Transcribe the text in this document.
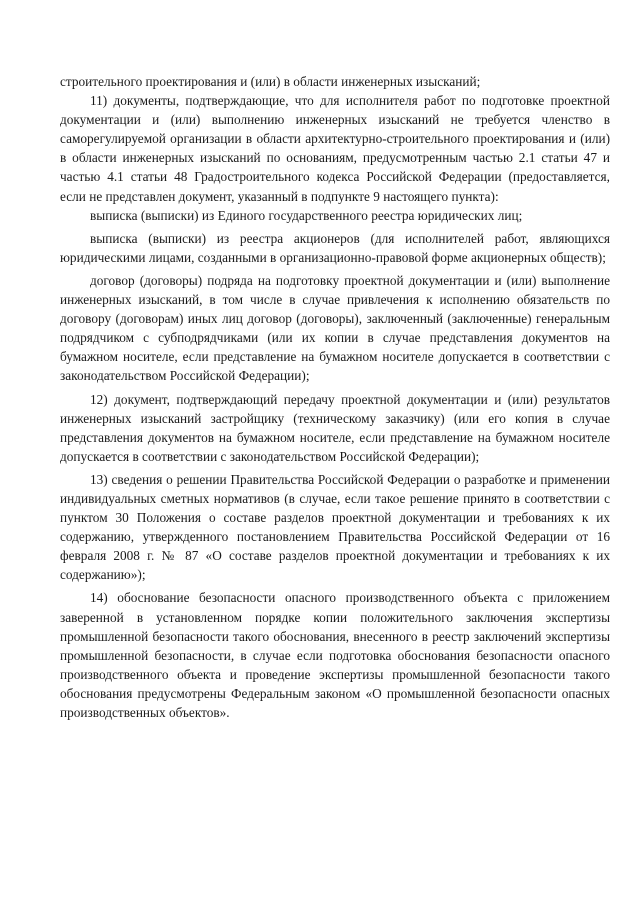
строительного проектирования и (или) в области инженерных изысканий;

11) документы, подтверждающие, что для исполнителя работ по подготовке проектной документации и (или) выполнению инженерных изысканий не требуется членство в саморегулируемой организации в области архитектурно-строительного проектирования и (или) в области инженерных изысканий по основаниям, предусмотренным частью 2.1 статьи 47 и частью 4.1 статьи 48 Градостроительного кодекса Российской Федерации (предоставляется, если не представлен документ, указанный в подпункте 9 настоящего пункта):

выписка (выписки) из Единого государственного реестра юридических лиц;

выписка (выписки) из реестра акционеров (для исполнителей работ, являющихся юридическими лицами, созданными в организационно-правовой форме акционерных обществ);

договор (договоры) подряда на подготовку проектной документации и (или) выполнение инженерных изысканий, в том числе в случае привлечения к исполнению обязательств по договору (договорам) иных лиц договор (договоры), заключенный (заключенные) генеральным подрядчиком с субподрядчиками (или их копии в случае представления документов на бумажном носителе, если представление на бумажном носителе допускается в соответствии с законодательством Российской Федерации);

12) документ, подтверждающий передачу проектной документации и (или) результатов инженерных изысканий застройщику (техническому заказчику) (или его копия в случае представления документов на бумажном носителе, если представление на бумажном носителе допускается в соответствии с законодательством Российской Федерации);

13) сведения о решении Правительства Российской Федерации о разработке и применении индивидуальных сметных нормативов (в случае, если такое решение принято в соответствии с пунктом 30 Положения о составе разделов проектной документации и требованиях к их содержанию, утвержденного постановлением Правительства Российской Федерации от 16 февраля 2008 г. № 87 «О составе разделов проектной документации и требованиях к их содержанию»);

14) обоснование безопасности опасного производственного объекта с приложением заверенной в установленном порядке копии положительного заключения экспертизы промышленной безопасности такого обоснования, внесенного в реестр заключений экспертизы промышленной безопасности, в случае если подготовка обоснования безопасности опасного производственного объекта и проведение экспертизы промышленной безопасности такого обоснования предусмотрены Федеральным законом «О промышленной безопасности опасных производственных объектов».
